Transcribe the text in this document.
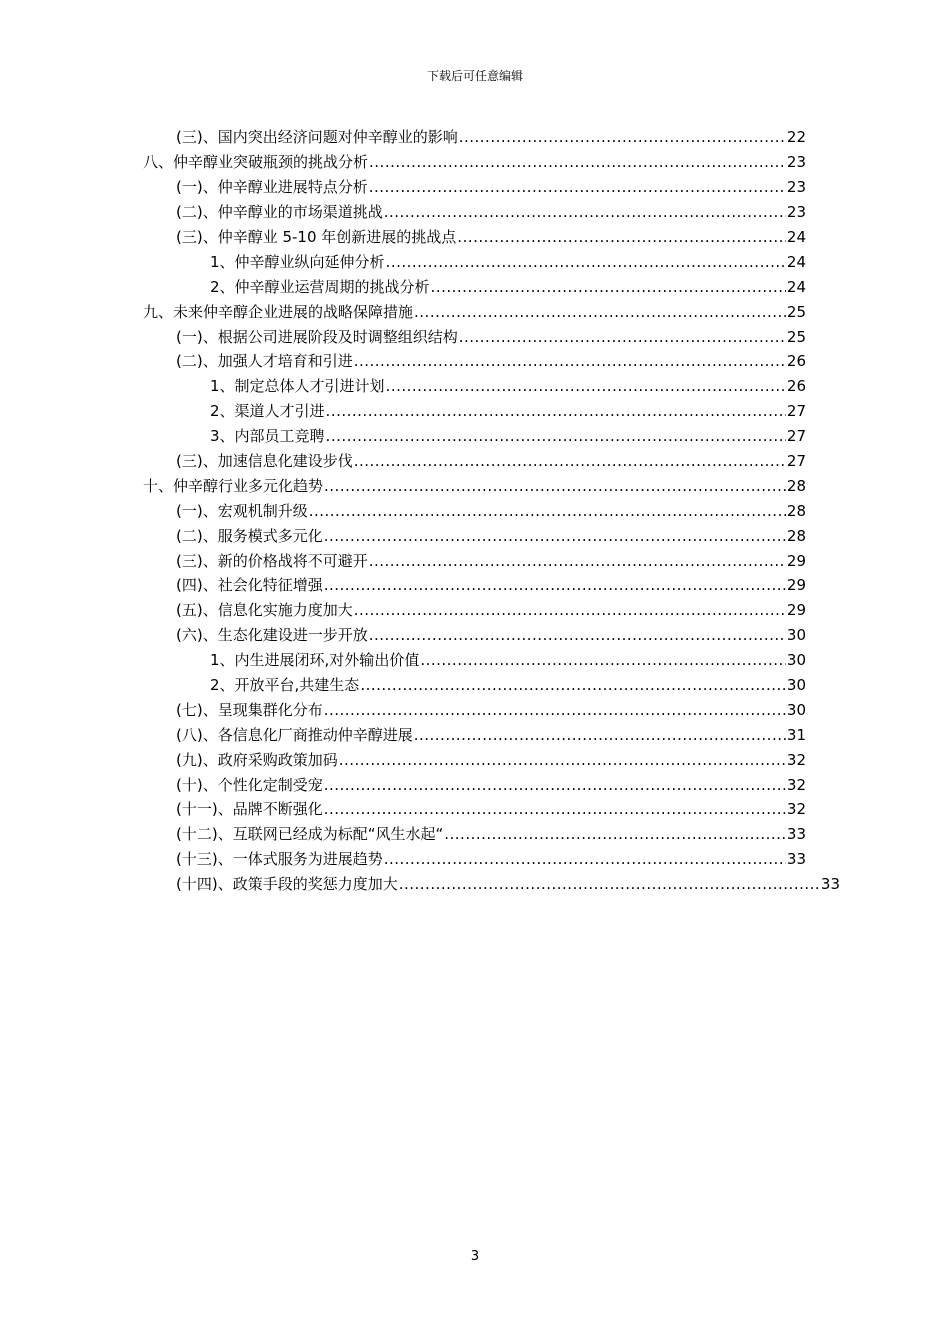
下载后可任意编辑
(三)、国内突出经济问题对仲辛醇业的影响 .....	22
八、仲辛醇业突破瓶颈的挑战分析 .....	23
(一)、仲辛醇业进展特点分析 .....	23
(二)、仲辛醇业的市场渠道挑战 .....	23
(三)、仲辛醇业 5-10 年创新进展的挑战点 .....	24
1、仲辛醇业纵向延伸分析 .....	24
2、仲辛醇业运营周期的挑战分析 .....	24
九、未来仲辛醇企业进展的战略保障措施 .....	25
(一)、根据公司进展阶段及时调整组织结构 .....	25
(二)、加强人才培育和引进 .....	26
1、制定总体人才引进计划 .....	26
2、渠道人才引进 .....	27
3、内部员工竞聘 .....	27
(三)、加速信息化建设步伐 .....	27
十、仲辛醇行业多元化趋势 .....	28
(一)、宏观机制升级 .....	28
(二)、服务模式多元化 .....	28
(三)、新的价格战将不可避开 .....	29
(四)、社会化特征增强 .....	29
(五)、信息化实施力度加大 .....	29
(六)、生态化建设进一步开放 .....	30
1、内生进展闭环,对外输出价值 .....	30
2、开放平台,共建生态 .....	30
(七)、呈现集群化分布 .....	30
(八)、各信息化厂商推动仲辛醇进展 .....	31
(九)、政府采购政策加码 .....	32
(十)、个性化定制受宠 .....	32
(十一)、品牌不断强化 .....	32
(十二)、互联网已经成为标配“风生水起“ .....	33
(十三)、一体式服务为进展趋势 .....	33
(十四)、政策手段的奖惩力度加大 .....	33
3
